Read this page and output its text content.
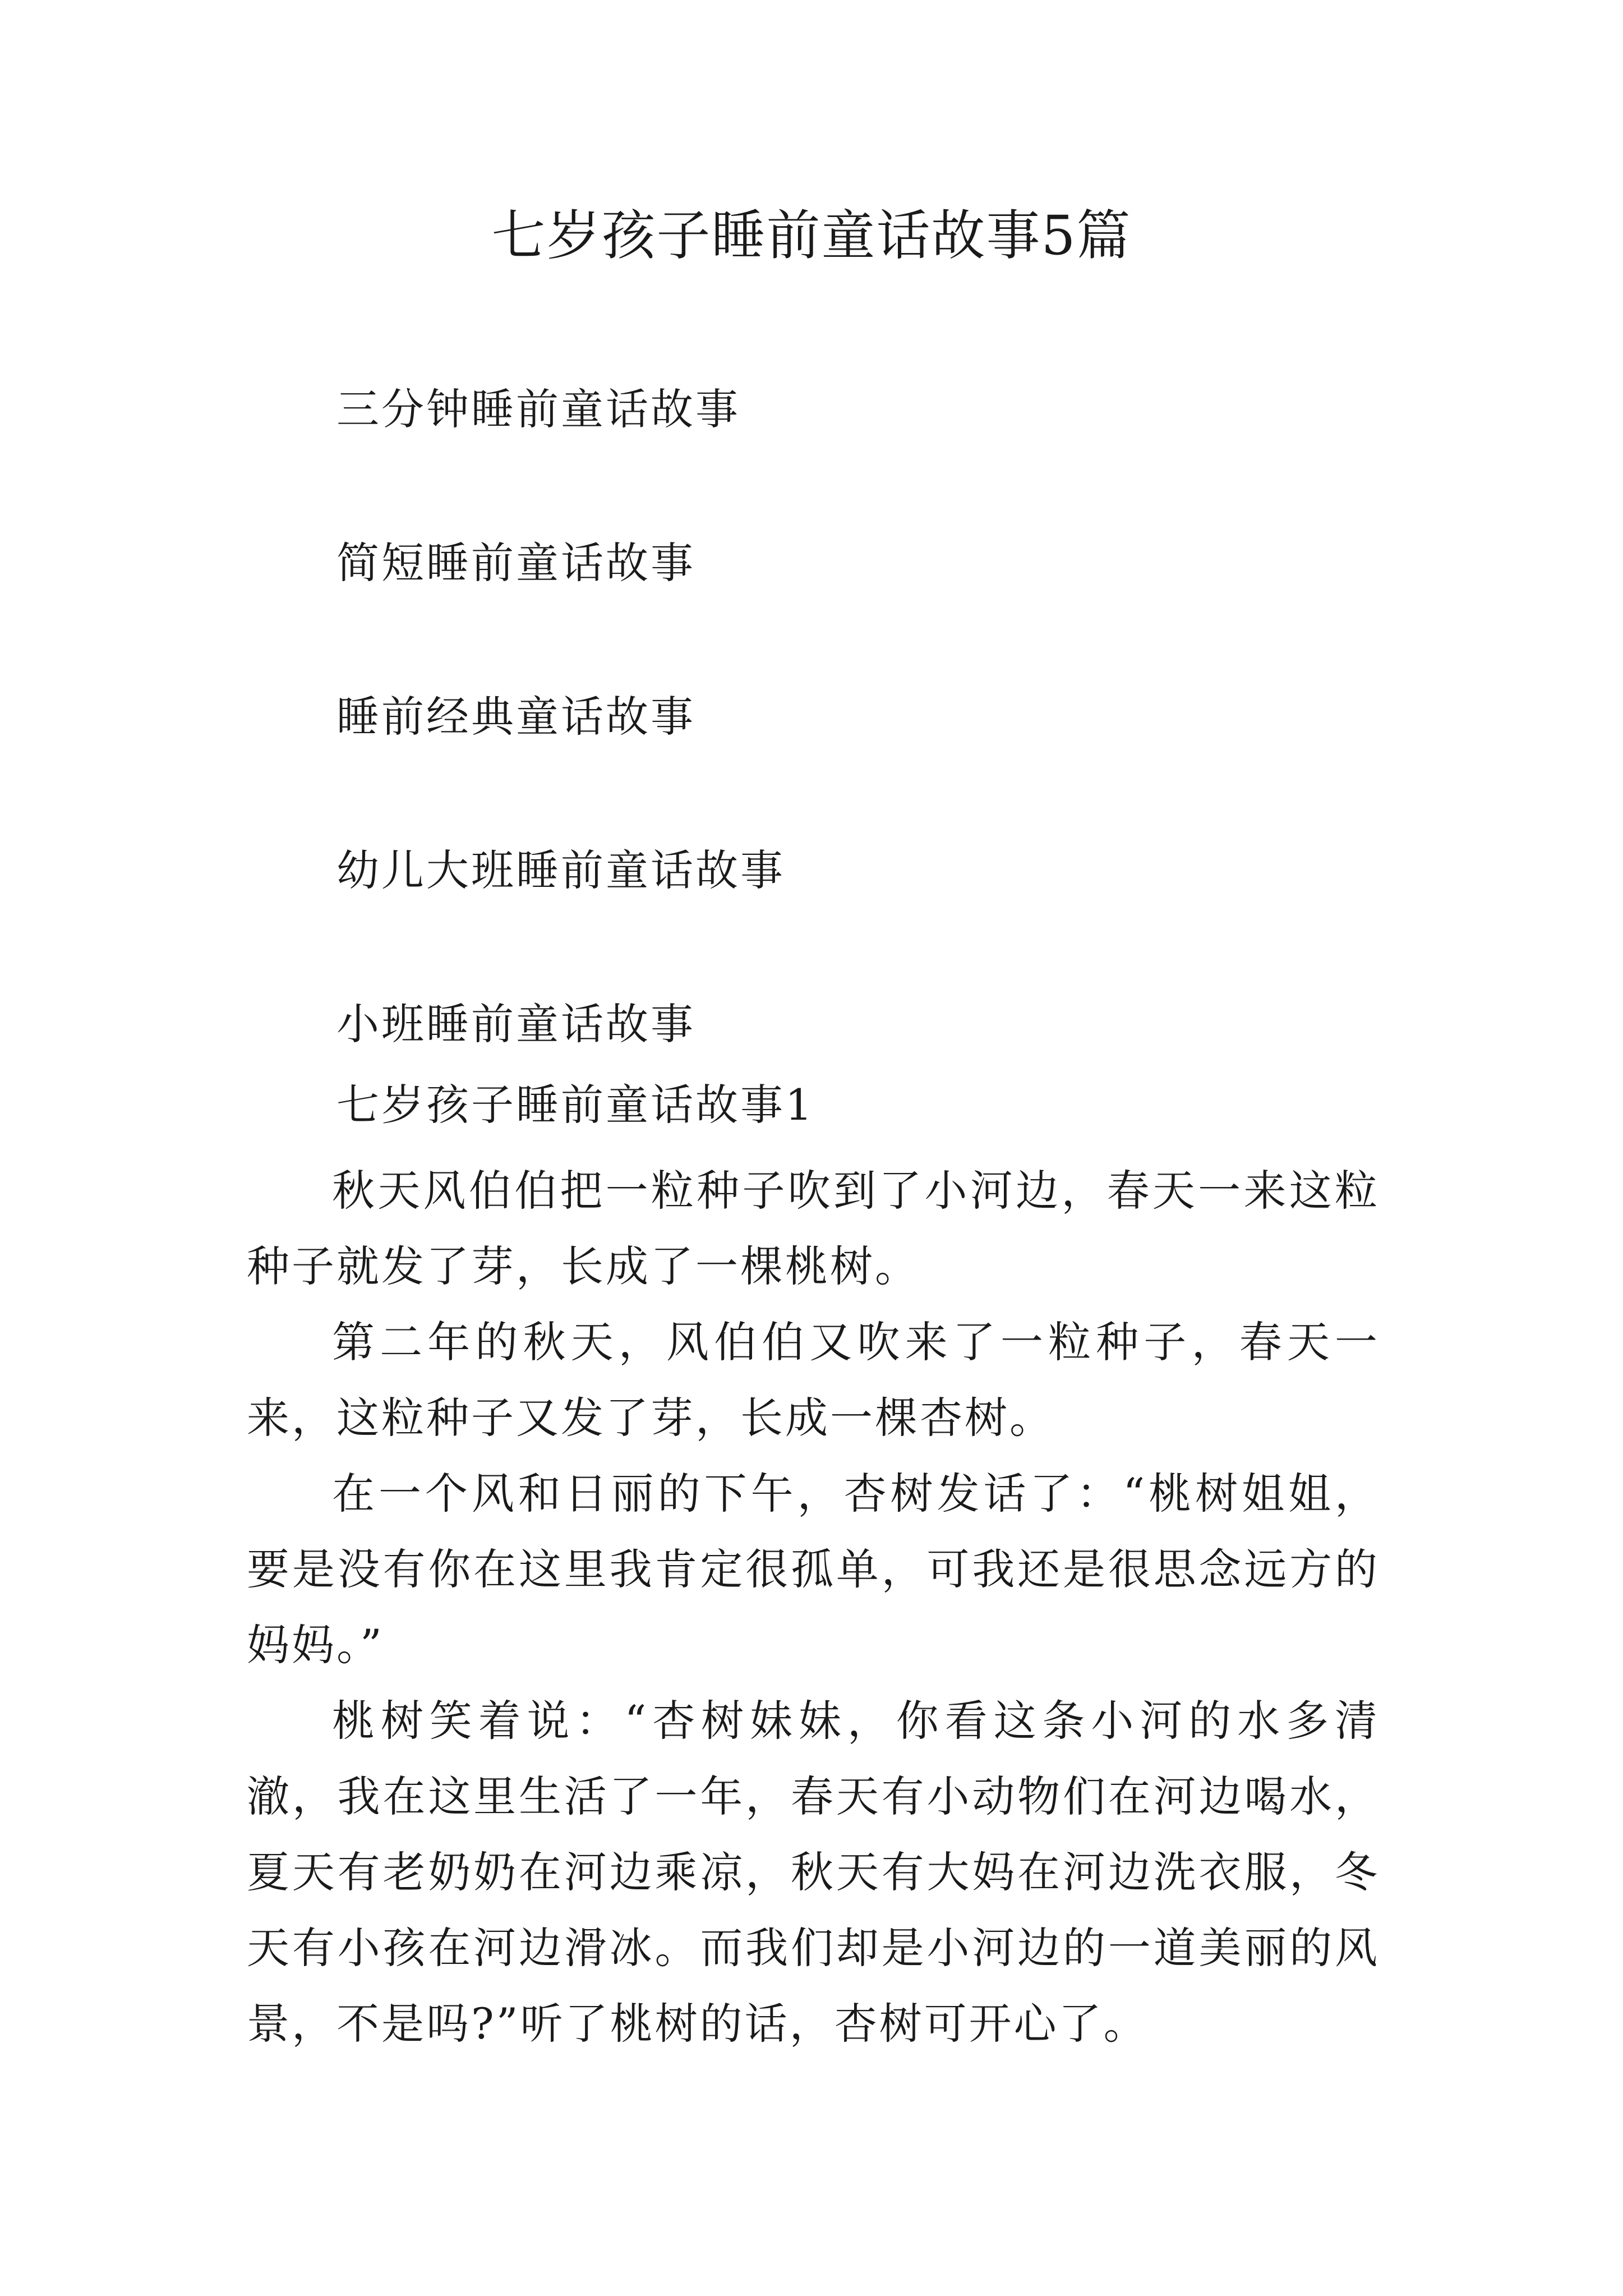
七岁孩子睡前童话故事5篇
三分钟睡前童话故事
简短睡前童话故事
睡前经典童话故事
幼儿大班睡前童话故事
小班睡前童话故事
七岁孩子睡前童话故事1

秋天风伯伯把一粒种子吹到了小河边，春天一来这粒种子就发了芽，长成了一棵桃树。

第二年的秋天，风伯伯又吹来了一粒种子，春天一来，这粒种子又发了芽，长成一棵杏树。

在一个风和日丽的下午，杏树发话了：“桃树姐姐，要是没有你在这里我肯定很孤单，可我还是很思念远方的妈妈。”

桃树笑着说：“杏树妹妹，你看这条小河的水多清澈，我在这里生活了一年，春天有小动物们在河边喝水，夏天有老奶奶在河边乘凉，秋天有大妈在河边洗衣服，冬天有小孩在河边滑冰。而我们却是小河边的一道美丽的风景，不是吗?”听了桃树的话，杏树可开心了。
